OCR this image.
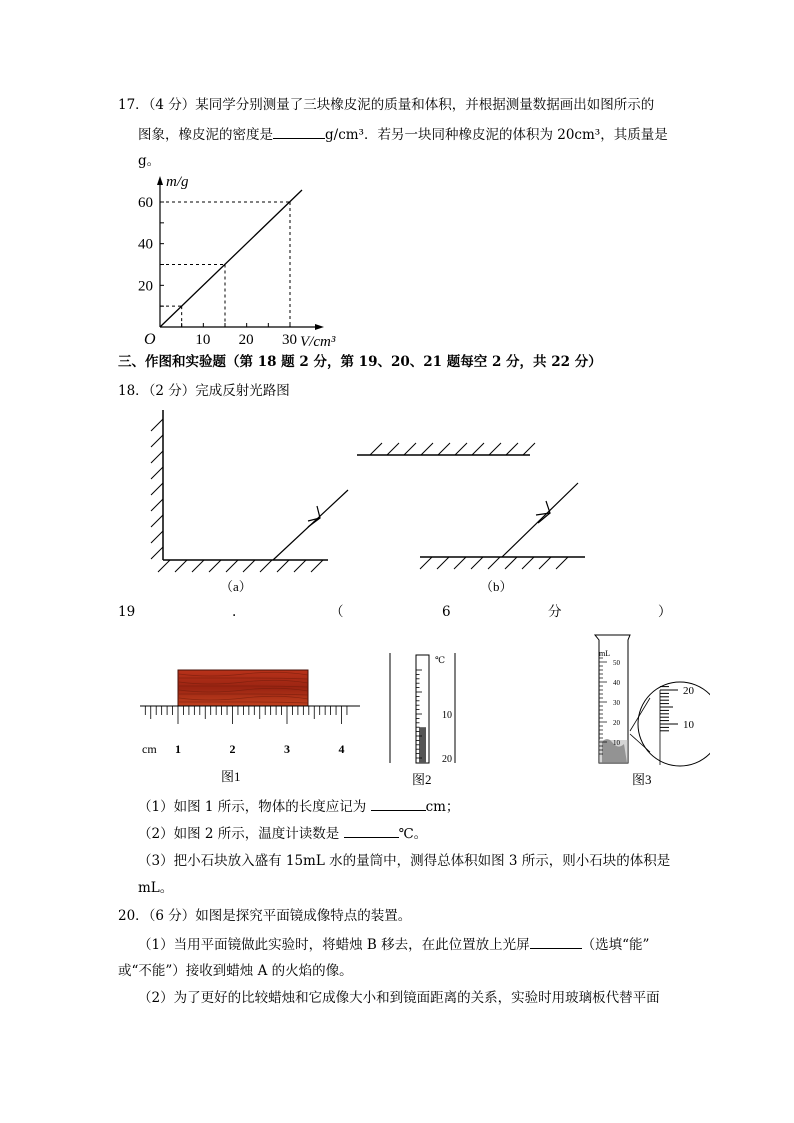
17．（4 分）某同学分别测量了三块橡皮泥的质量和体积，并根据测量数据画出如图所示的
图象，橡皮泥的密度是	g/cm³．若另一块同种橡皮泥的体积为 20cm³，其质量是
g。
10 20 30
20
40
60
O	V/cm³
m/g
三、作图和实验题（第 18 题 2 分，第 19、20、21 题每空 2 分，共 22 分）
18．（2 分）完成反射光路图
（a）	（b）
19	.	（	6	分	）
1	2	3	4
cm
图1
10
20
℃
图2
50
40
30
20
10
mL
20
10
图3
（1）如图 1 所示，物体的长度应记为	cm；
（2）如图 2 所示，温度计读数是	℃。
（3）把小石块放入盛有 15mL 水的量筒中，测得总体积如图 3 所示，则小石块的体积是
mL。
20．（6 分）如图是探究平面镜成像特点的装置。
（1）当用平面镜做此实验时，将蜡烛 B 移去，在此位置放上光屏	（选填“能”
或“不能”）接收到蜡烛 A 的火焰的像。
（2）为了更好的比较蜡烛和它成像大小和到镜面距离的关系，实验时用玻璃板代替平面
